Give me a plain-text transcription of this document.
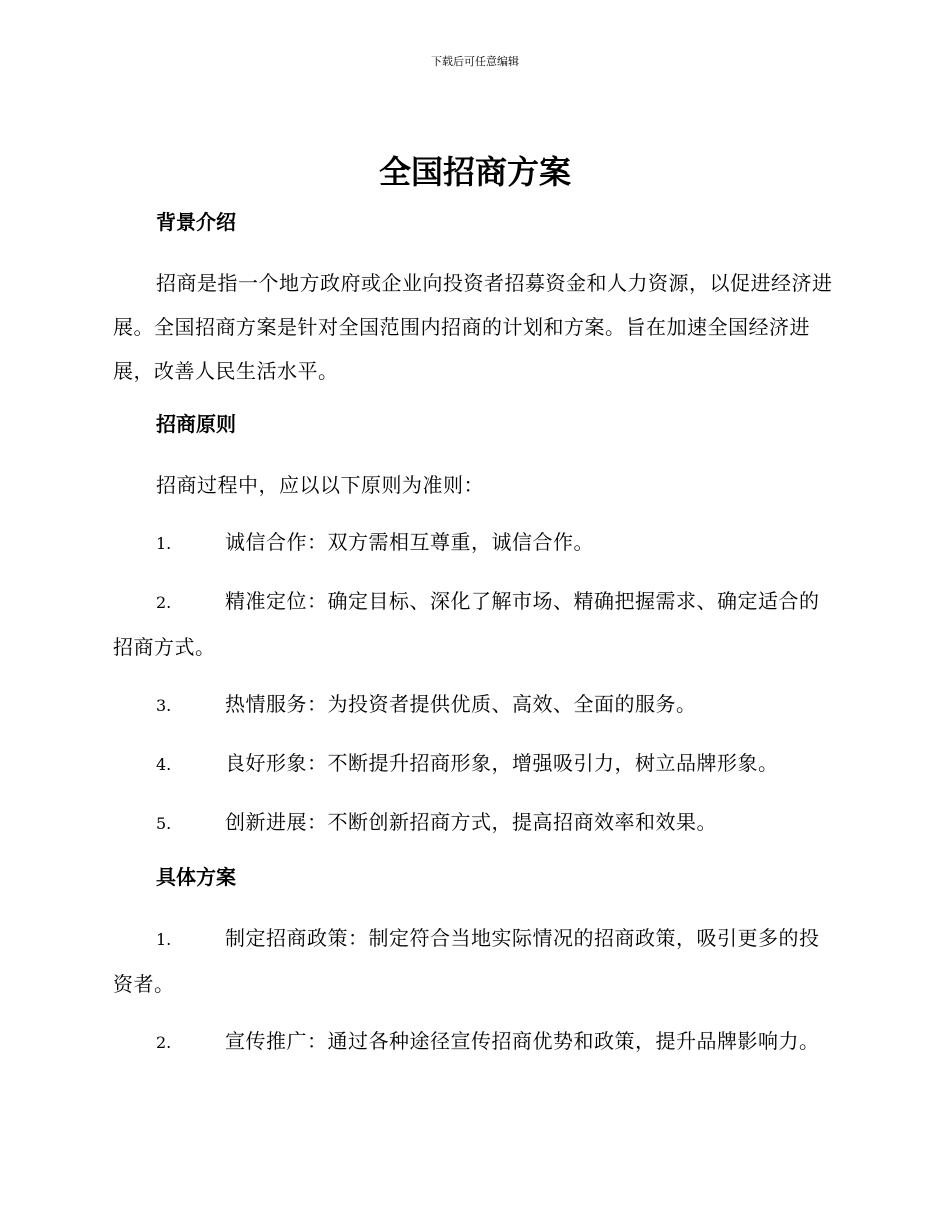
下载后可任意编辑
全国招商方案
背景介绍

招商是指一个地方政府或企业向投资者招募资金和人力资源，以促进经济进展。全国招商方案是针对全国范围内招商的计划和方案。旨在加速全国经济进展，改善人民生活水平。

招商原则

招商过程中，应以以下原则为准则：

1.	诚信合作：双方需相互尊重，诚信合作。

2.	精准定位：确定目标、深化了解市场、精确把握需求、确定适合的招商方式。

3.	热情服务：为投资者提供优质、高效、全面的服务。

4.	良好形象：不断提升招商形象，增强吸引力，树立品牌形象。

5.	创新进展：不断创新招商方式，提高招商效率和效果。

具体方案

1.	制定招商政策：制定符合当地实际情况的招商政策，吸引更多的投资者。

2.	宣传推广：通过各种途径宣传招商优势和政策，提升品牌影响力。
